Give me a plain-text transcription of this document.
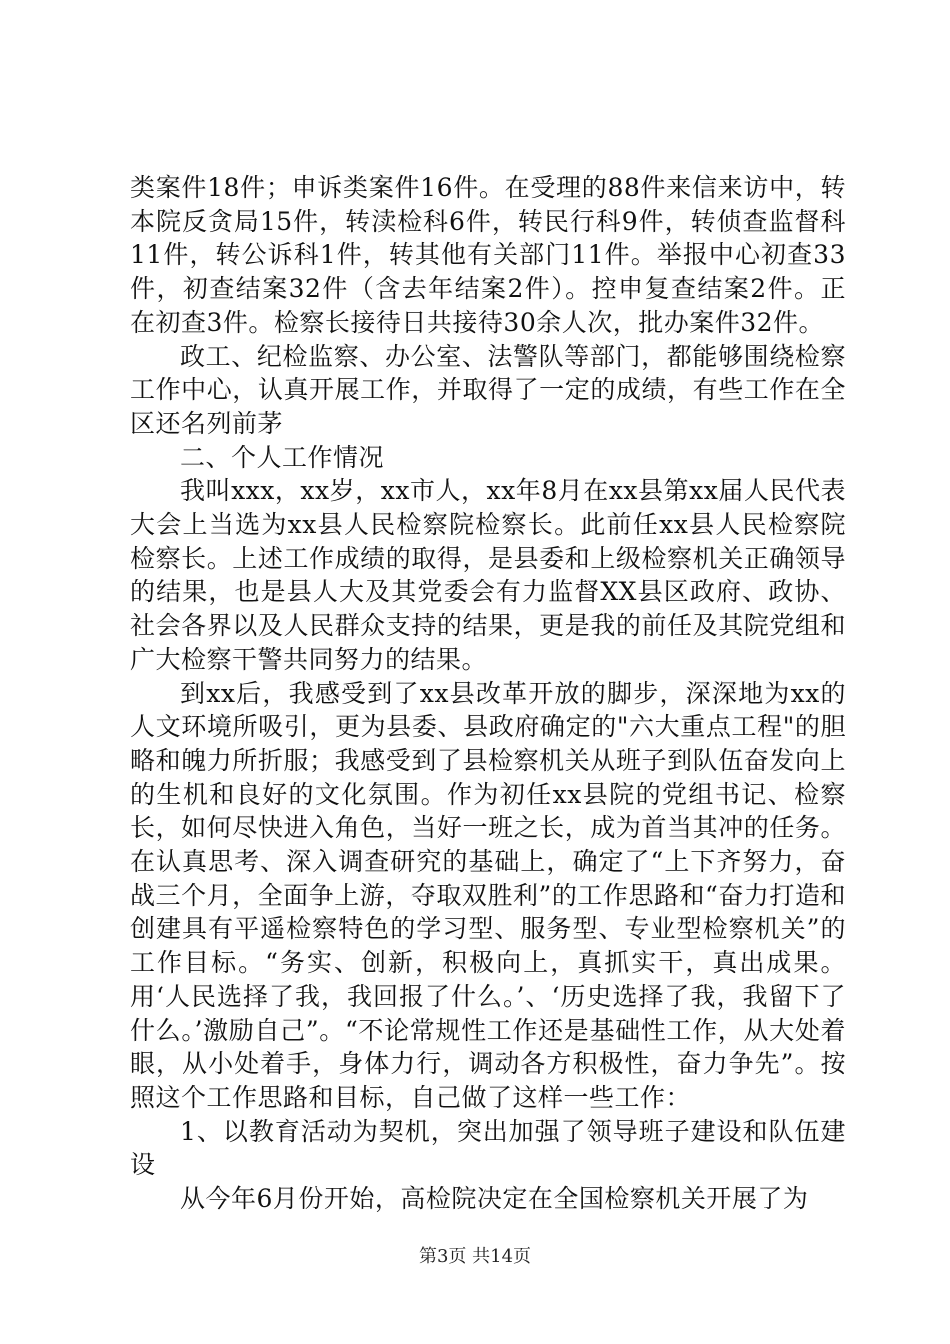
类案件18件；申诉类案件16件。在受理的88件来信来访中，转本院反贪局15件，转渎检科6件，转民行科9件，转侦查监督科11件，转公诉科1件，转其他有关部门11件。举报中心初查33件，初查结案32件（含去年结案2件）。控申复查结案2件。正在初查3件。检察长接待日共接待30余人次，批办案件32件。

政工、纪检监察、办公室、法警队等部门，都能够围绕检察工作中心，认真开展工作，并取得了一定的成绩，有些工作在全区还名列前茅

二、个人工作情况

我叫xxx，xx岁，xx市人，xx年8月在xx县第xx届人民代表大会上当选为xx县人民检察院检察长。此前任xx县人民检察院检察长。上述工作成绩的取得，是县委和上级检察机关正确领导的结果，也是县人大及其党委会有力监督XX县区政府、政协、社会各界以及人民群众支持的结果，更是我的前任及其院党组和广大检察干警共同努力的结果。

到xx后，我感受到了xx县改革开放的脚步，深深地为xx的人文环境所吸引，更为县委、县政府确定的"六大重点工程"的胆略和魄力所折服；我感受到了县检察机关从班子到队伍奋发向上的生机和良好的文化氛围。作为初任xx县院的党组书记、检察长，如何尽快进入角色，当好一班之长，成为首当其冲的任务。在认真思考、深入调查研究的基础上，确定了“上下齐努力，奋战三个月，全面争上游，夺取双胜利”的工作思路和“奋力打造和创建具有平遥检察特色的学习型、服务型、专业型检察机关”的工作目标。“务实、创新，积极向上，真抓实干，真出成果。用‘人民选择了我，我回报了什么。’、‘历史选择了我，我留下了什么。’激励自己”。“不论常规性工作还是基础性工作，从大处着眼，从小处着手，身体力行，调动各方积极性，奋力争先”。按照这个工作思路和目标，自己做了这样一些工作：

1、以教育活动为契机，突出加强了领导班子建设和队伍建设

从今年6月份开始，高检院决定在全国检察机关开展了为

第3页 共14页
